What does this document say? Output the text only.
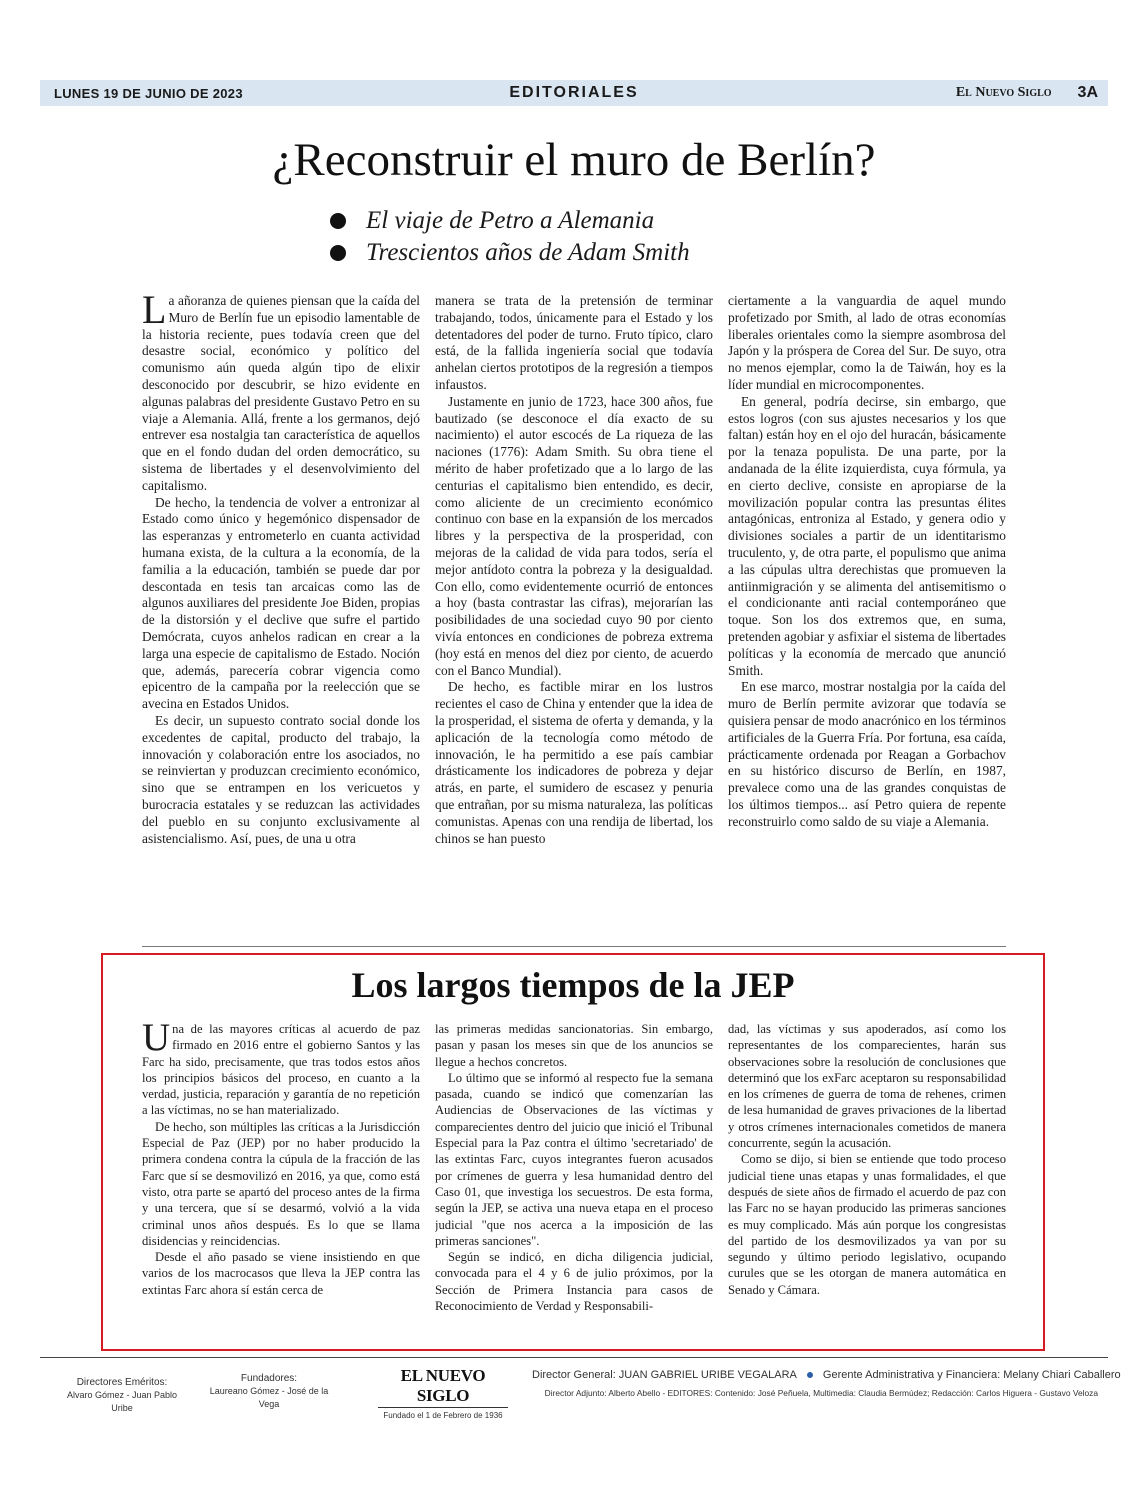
LUNES 19 DE JUNIO DE 2023	EDITORIALES	El Nuevo Siglo 3A
¿Reconstruir el muro de Berlín?
El viaje de Petro a Alemania
Trescientos años de Adam Smith

La añoranza de quienes piensan que la caída del Muro de Berlín fue un episodio lamentable de la historia reciente, pues todavía creen que del desastre social, económico y político del comunismo aún queda algún tipo de elixir desconocido por descubrir, se hizo evidente en algunas palabras del presidente Gustavo Petro en su viaje a Alemania. Allá, frente a los germanos, dejó entrever esa nostalgia tan característica de aquellos que en el fondo dudan del orden democrático, su sistema de libertades y el desenvolvimiento del capitalismo.

De hecho, la tendencia de volver a entronizar al Estado como único y hegemónico dispensador de las esperanzas y entrometerlo en cuanta actividad humana exista, de la cultura a la economía, de la familia a la educación, también se puede dar por descontada en tesis tan arcaicas como las de algunos auxiliares del presidente Joe Biden, propias de la distorsión y el declive que sufre el partido Demócrata, cuyos anhelos radican en crear a la larga una especie de capitalismo de Estado. Noción que, además, parecería cobrar vigencia como epicentro de la campaña por la reelección que se avecina en Estados Unidos.

Es decir, un supuesto contrato social donde los excedentes de capital, producto del trabajo, la innovación y colaboración entre los asociados, no se reinviertan y produzcan crecimiento económico, sino que se entrampen en los vericuetos y burocracia estatales y se reduzcan las actividades del pueblo en su conjunto exclusivamente al asistencialismo. Así, pues, de una u otra

manera se trata de la pretensión de terminar trabajando, todos, únicamente para el Estado y los detentadores del poder de turno. Fruto típico, claro está, de la fallida ingeniería social que todavía anhelan ciertos prototipos de la regresión a tiempos infaustos.

Justamente en junio de 1723, hace 300 años, fue bautizado (se desconoce el día exacto de su nacimiento) el autor escocés de La riqueza de las naciones (1776): Adam Smith. Su obra tiene el mérito de haber profetizado que a lo largo de las centurias el capitalismo bien entendido, es decir, como aliciente de un crecimiento económico continuo con base en la expansión de los mercados libres y la perspectiva de la prosperidad, con mejoras de la calidad de vida para todos, sería el mejor antídoto contra la pobreza y la desigualdad. Con ello, como evidentemente ocurrió de entonces a hoy (basta contrastar las cifras), mejorarían las posibilidades de una sociedad cuyo 90 por ciento vivía entonces en condiciones de pobreza extrema (hoy está en menos del diez por ciento, de acuerdo con el Banco Mundial).

De hecho, es factible mirar en los lustros recientes el caso de China y entender que la idea de la prosperidad, el sistema de oferta y demanda, y la aplicación de la tecnología como método de innovación, le ha permitido a ese país cambiar drásticamente los indicadores de pobreza y dejar atrás, en parte, el sumidero de escasez y penuria que entrañan, por su misma naturaleza, las políticas comunistas. Apenas con una rendija de libertad, los chinos se han puesto

ciertamente a la vanguardia de aquel mundo profetizado por Smith, al lado de otras economías liberales orientales como la siempre asombrosa del Japón y la próspera de Corea del Sur. De suyo, otra no menos ejemplar, como la de Taiwán, hoy es la líder mundial en microcomponentes.

En general, podría decirse, sin embargo, que estos logros (con sus ajustes necesarios y los que faltan) están hoy en el ojo del huracán, básicamente por la tenaza populista. De una parte, por la andanada de la élite izquierdista, cuya fórmula, ya en cierto declive, consiste en apropiarse de la movilización popular contra las presuntas élites antagónicas, entroniza al Estado, y genera odio y divisiones sociales a partir de un identitarismo truculento, y, de otra parte, el populismo que anima a las cúpulas ultra derechistas que promueven la antiinmigración y se alimenta del antisemitismo o el condicionante anti racial contemporáneo que toque. Son los dos extremos que, en suma, pretenden agobiar y asfixiar el sistema de libertades políticas y la economía de mercado que anunció Smith.

En ese marco, mostrar nostalgia por la caída del muro de Berlín permite avizorar que todavía se quisiera pensar de modo anacrónico en los términos artificiales de la Guerra Fría. Por fortuna, esa caída, prácticamente ordenada por Reagan a Gorbachov en su histórico discurso de Berlín, en 1987, prevalece como una de las grandes conquistas de los últimos tiempos... así Petro quiera de repente reconstruirlo como saldo de su viaje a Alemania.

Los largos tiempos de la JEP

Una de las mayores críticas al acuerdo de paz firmado en 2016 entre el gobierno Santos y las Farc ha sido, precisamente, que tras todos estos años los principios básicos del proceso, en cuanto a la verdad, justicia, reparación y garantía de no repetición a las víctimas, no se han materializado.

De hecho, son múltiples las críticas a la Jurisdicción Especial de Paz (JEP) por no haber producido la primera condena contra la cúpula de la fracción de las Farc que sí se desmovilizó en 2016, ya que, como está visto, otra parte se apartó del proceso antes de la firma y una tercera, que sí se desarmó, volvió a la vida criminal unos años después. Es lo que se llama disidencias y reincidencias.

Desde el año pasado se viene insistiendo en que varios de los macrocasos que lleva la JEP contra las extintas Farc ahora sí están cerca de

las primeras medidas sancionatorias. Sin embargo, pasan y pasan los meses sin que de los anuncios se llegue a hechos concretos.

Lo último que se informó al respecto fue la semana pasada, cuando se indicó que comenzarían las Audiencias de Observaciones de las víctimas y comparecientes dentro del juicio que inició el Tribunal Especial para la Paz contra el último 'secretariado' de las extintas Farc, cuyos integrantes fueron acusados por crímenes de guerra y lesa humanidad dentro del Caso 01, que investiga los secuestros. De esta forma, según la JEP, se activa una nueva etapa en el proceso judicial "que nos acerca a la imposición de las primeras sanciones".

Según se indicó, en dicha diligencia judicial, convocada para el 4 y 6 de julio próximos, por la Sección de Primera Instancia para casos de Reconocimiento de Verdad y Responsabili-

dad, las víctimas y sus apoderados, así como los representantes de los comparecientes, harán sus observaciones sobre la resolución de conclusiones que determinó que los exFarc aceptaron su responsabilidad en los crímenes de guerra de toma de rehenes, crimen de lesa humanidad de graves privaciones de la libertad y otros crímenes internacionales cometidos de manera concurrente, según la acusación.

Como se dijo, si bien se entiende que todo proceso judicial tiene unas etapas y unas formalidades, el que después de siete años de firmado el acuerdo de paz con las Farc no se hayan producido las primeras sanciones es muy complicado. Más aún porque los congresistas del partido de los desmovilizados ya van por su segundo y último periodo legislativo, ocupando curules que se les otorgan de manera automática en Senado y Cámara.

Directores Eméritos:
Alvaro Gómez - Juan Pablo Uribe
Fundadores:
Laureano Gómez - José de la Vega
EL NUEVO SIGLO
Fundado el 1 de Febrero de 1936
Director General: JUAN GABRIEL URIBE VEGALARA Gerente Administrativa y Financiera: Melany Chiari Caballero
Director Adjunto: Alberto Abello - EDITORES: Contenido: José Peñuela, Multimedia: Claudia Bermúdez; Redacción: Carlos Higuera - Gustavo Veloza
